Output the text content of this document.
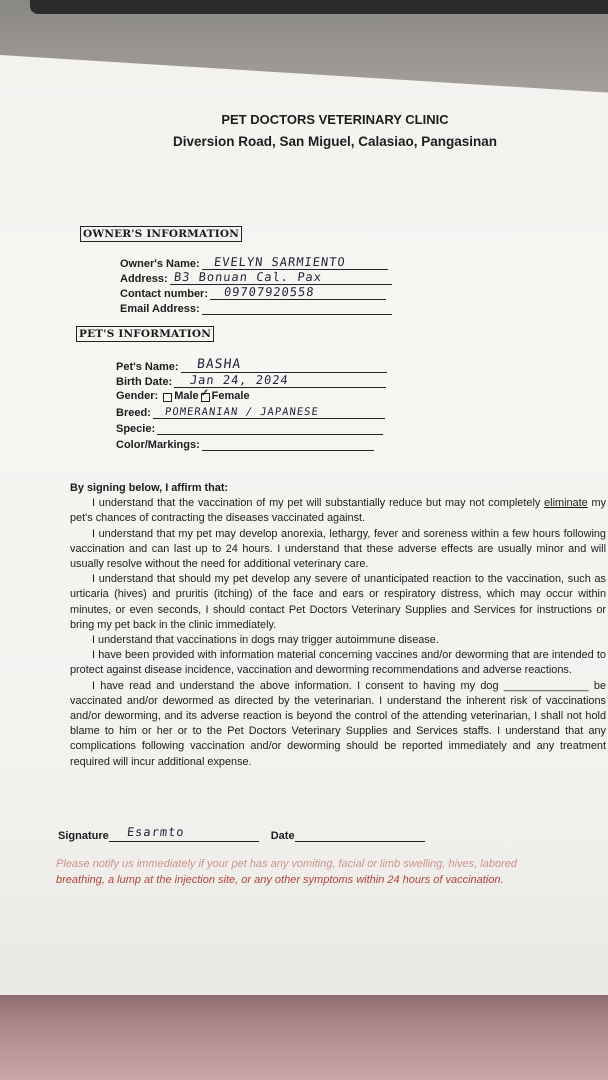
PET DOCTORS VETERINARY CLINIC
Diversion Road, San Miguel, Calasiao, Pangasinan
OWNER'S INFORMATION
Owner's Name: EVELYN SARMIENTO
Address: B3 Bonuan Cal. Pax
Contact number: 09707920558
Email Address:
PET'S INFORMATION
Pet's Name: BASHA
Birth Date: Jan 24, 2024
Gender: Male
✓ Female
Breed: POMERANIAN / JAPANESE
Specie:
Color/Markings:

By signing below, I affirm that:

I understand that the vaccination of my pet will substantially reduce but may not completely eliminate my pet's chances of contracting the diseases vaccinated against.

I understand that my pet may develop anorexia, lethargy, fever and soreness within a few hours following vaccination and can last up to 24 hours. I understand that these adverse effects are usually minor and will usually resolve without the need for additional veterinary care.

I understand that should my pet develop any severe of unanticipated reaction to the vaccination, such as urticaria (hives) and pruritis (itching) of the face and ears or respiratory distress, which may occur within minutes, or even seconds, I should contact Pet Doctors Veterinary Supplies and Services for instructions or bring my pet back in the clinic immediately.

I understand that vaccinations in dogs may trigger autoimmune disease.

I have been provided with information material concerning vaccines and/or deworming that are intended to protect against disease incidence, vaccination and deworming recommendations and adverse reactions.

I have read and understand the above information. I consent to having my dog ______________ be vaccinated and/or dewormed as directed by the veterinarian. I understand the inherent risk of vaccinations and/or deworming, and its adverse reaction is beyond the control of the attending veterinarian, I shall not hold blame to him or her or to the Pet Doctors Veterinary Supplies and Services staffs. I understand that any complications following vaccination and/or deworming should be reported immediately and any treatment required will incur additional expense.

Signature Esarmto	Date
Please notify us immediately if your pet has any vomiting, facial or limb swelling, hives, labored
breathing, a lump at the injection site, or any other symptoms within 24 hours of vaccination.
